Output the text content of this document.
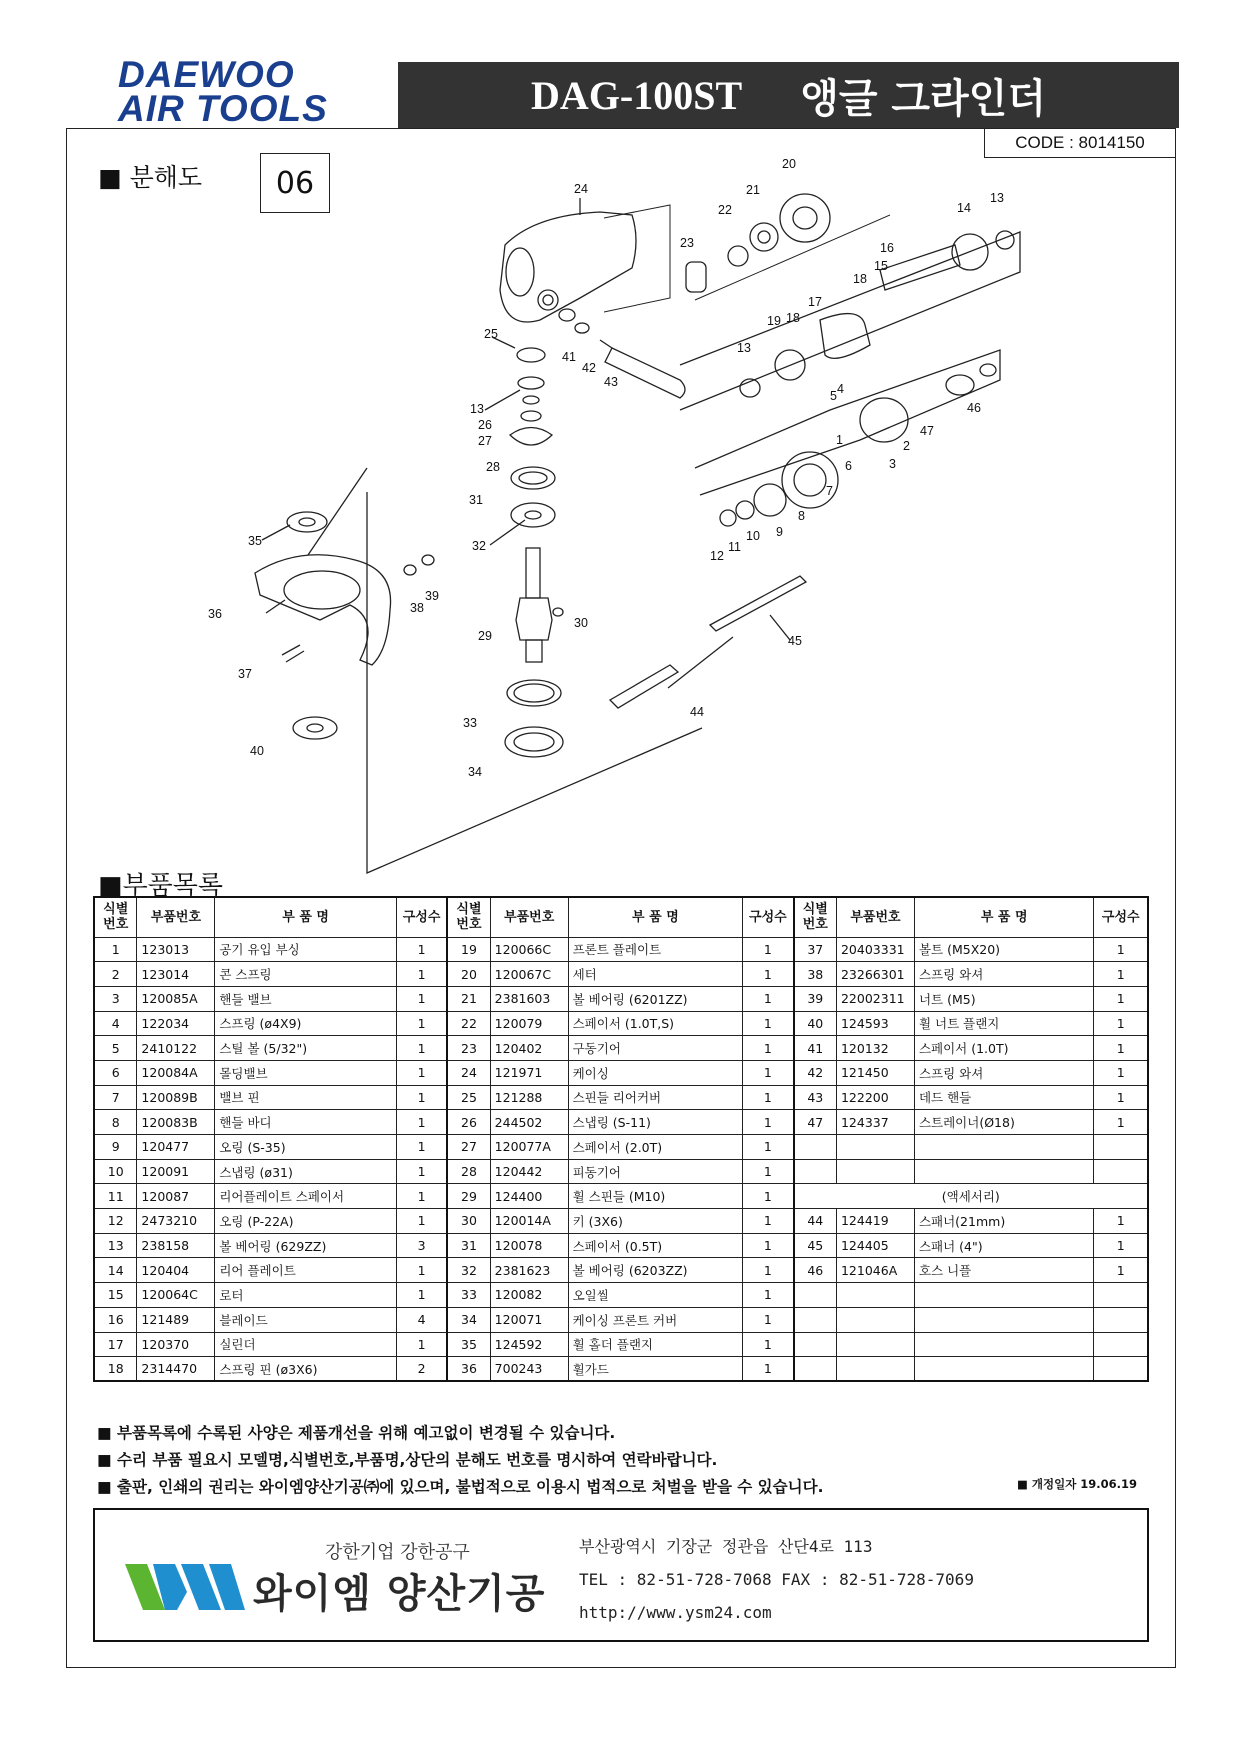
DAEWOO
AIR TOOLS	DAG-100ST 앵글 그라인더
CODE : 8014150
■ 분해도	06	24
20
21
22
23
14
13
16
15
18
17
18
19
13
25
41
42
43
13
26
27
28
31
32
35
36	38
39
37
40
29
30
33
34
44
45
46
47
2
3
6
7
8
9
10
11
12
5 4
1
■부품목록
식별
번호	부품번호	부 품 명	구성수	식별
번호	부품번호	부 품 명	구성수	식별
번호	부품번호	부 품 명	구성수
1	123013	공기 유입 부싱	1	19	120066C	프론트 플레이트	1	37	20403331	볼트 (M5X20)	1
2	123014	콘 스프링	1	20	120067C	세터	1	38	23266301	스프링 와셔	1
3	120085A	핸들 밸브	1	21	2381603	볼 베어링 (6201ZZ)	1	39	22002311	너트 (M5)	1
4	122034	스프링 (ø4X9)	1	22	120079	스페이서 (1.0T,S)	1	40	124593	휠 너트 플랜지	1
5	2410122	스틸 볼 (5/32")	1	23	120402	구동기어	1	41	120132	스페이서 (1.0T)	1
6	120084A	몰딩밸브	1	24	121971	케이싱	1	42	121450	스프링 와셔	1
7	120089B	밸브 핀	1	25	121288	스핀들 리어커버	1	43	122200	데드 핸들	1
8	120083B	핸들 바디	1	26	244502	스냅링 (S-11)	1	47	124337	스트레이너(Ø18)	1
9	120477	오링 (S-35)	1	27	120077A	스페이서 (2.0T)	1				
10	120091	스냅링 (ø31)	1	28	120442	피동기어	1				
11	120087	리어플레이트 스페이서	1	29	124400	휠 스핀들 (M10)	1	(액세서리)			
12	2473210	오링 (P-22A)	1	30	120014A	키 (3X6)	1	44	124419	스패너(21mm)	1
13	238158	볼 베어링 (629ZZ)	3	31	120078	스페이서 (0.5T)	1	45	124405	스패너 (4")	1
14	120404	리어 플레이트	1	32	2381623	볼 베어링 (6203ZZ)	1	46	121046A	호스 니플	1
15	120064C	로터	1	33	120082	오일씰	1				
16	121489	블레이드	4	34	120071	케이싱 프론트 커버	1				
17	120370	실린더	1	35	124592	휠 홀더 플랜지	1				
18	2314470	스프링 핀 (ø3X6)	2	36	700243	휠가드	1				
■ 부품목록에 수록된 사양은 제품개선을 위해 예고없이 변경될 수 있습니다.
■ 수리 부품 필요시 모델명,식별번호,부품명,상단의 분해도 번호를 명시하여 연락바랍니다.
■ 출판, 인쇄의 권리는 와이엠양산기공㈜에 있으며, 불법적으로 이용시 법적으로 처벌을 받을 수 있습니다.	■ 개정일자 19.06.19
강한기업 강한공구
와이엠 양산기공
부산광역시 기장군 정관읍 산단4로 113
TEL : 82-51-728-7068 FAX : 82-51-728-7069
http://www.ysm24.com
